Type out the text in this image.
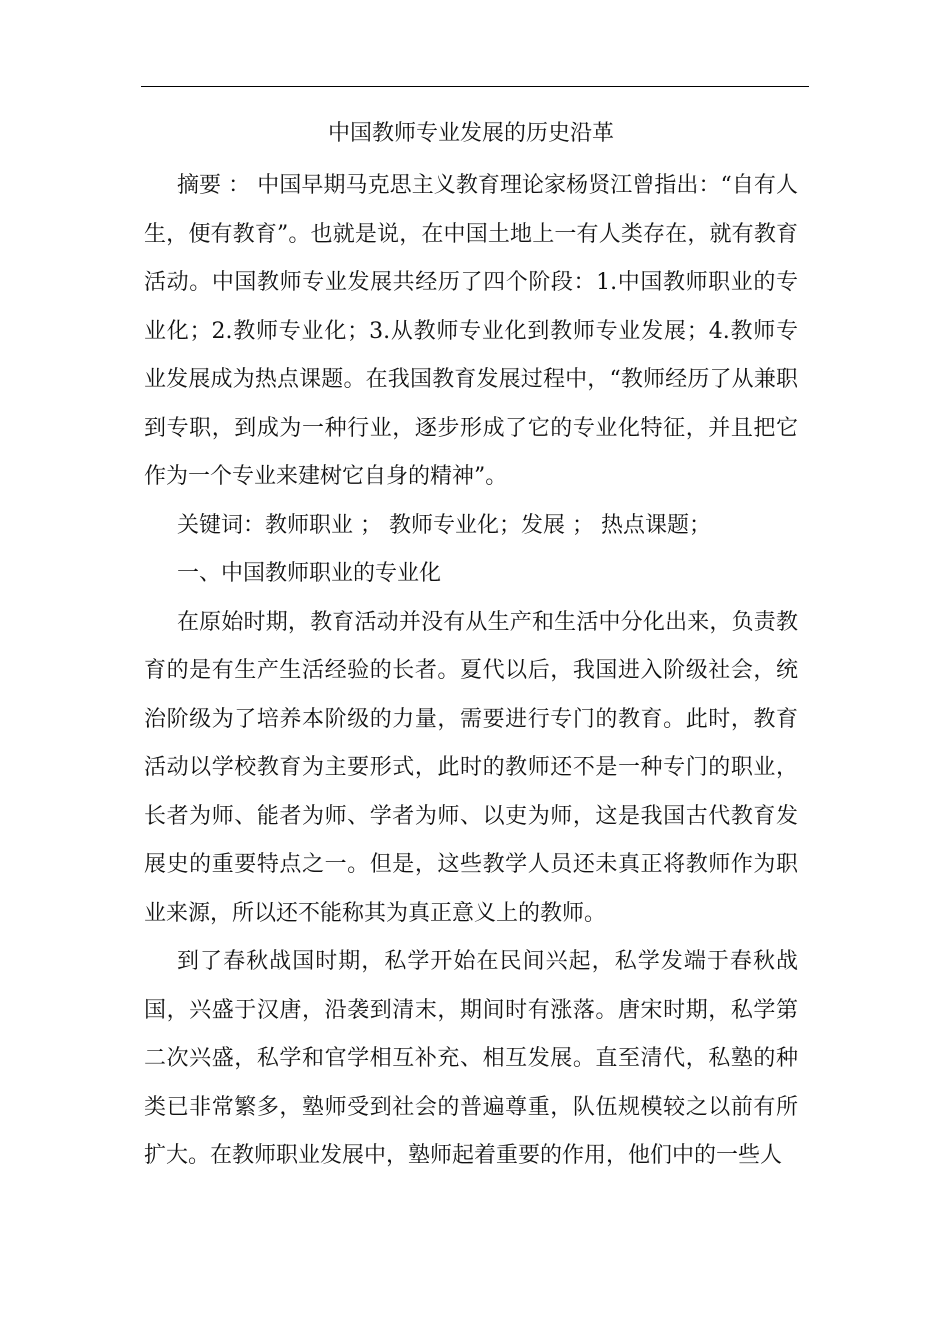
中国教师专业发展的历史沿革

摘要 ： 中国早期马克思主义教育理论家杨贤江曾指出：“自有人生，便有教育”。也就是说，在中国土地上一有人类存在，就有教育活动。中国教师专业发展共经历了四个阶段：1.中国教师职业的专业化；2.教师专业化；3.从教师专业化到教师专业发展；4.教师专业发展成为热点课题。在我国教育发展过程中，“教师经历了从兼职到专职，到成为一种行业，逐步形成了它的专业化特征，并且把它作为一个专业来建树它自身的精神”。

关键词：教师职业 ； 教师专业化；发展 ； 热点课题；

一、中国教师职业的专业化

在原始时期，教育活动并没有从生产和生活中分化出来，负责教育的是有生产生活经验的长者。夏代以后，我国进入阶级社会，统治阶级为了培养本阶级的力量，需要进行专门的教育。此时，教育活动以学校教育为主要形式，此时的教师还不是一种专门的职业，长者为师、能者为师、学者为师、以吏为师，这是我国古代教育发展史的重要特点之一。但是，这些教学人员还未真正将教师作为职业来源，所以还不能称其为真正意义上的教师。

到了春秋战国时期，私学开始在民间兴起，私学发端于春秋战国，兴盛于汉唐，沿袭到清末，期间时有涨落。唐宋时期，私学第二次兴盛，私学和官学相互补充、相互发展。直至清代，私塾的种类已非常繁多，塾师受到社会的普遍尊重，队伍规模较之以前有所扩大。在教师职业发展中，塾师起着重要的作用，他们中的一些人
